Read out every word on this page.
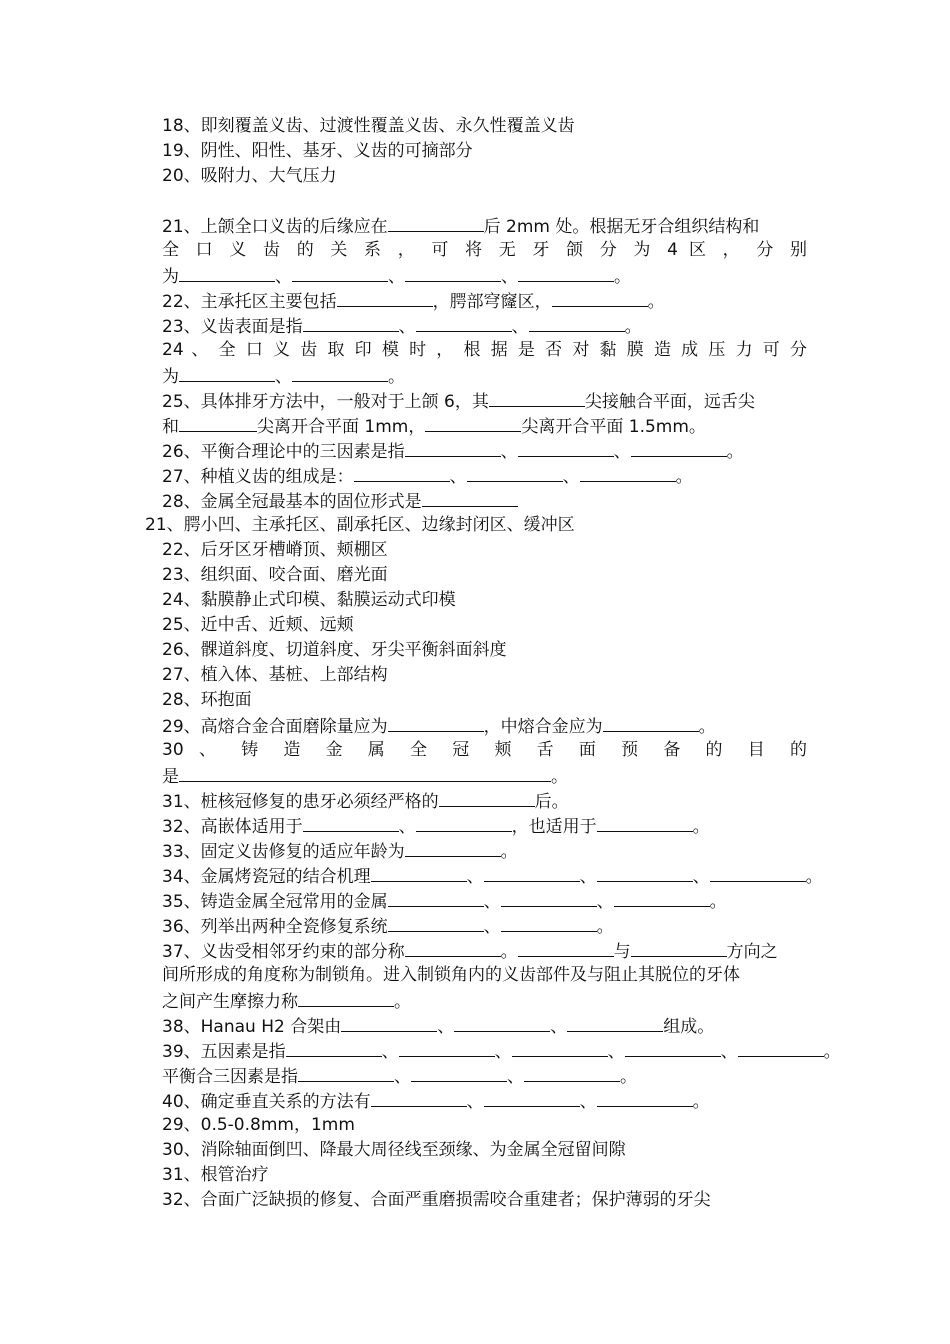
18、即刻覆盖义齿、过渡性覆盖义齿、永久性覆盖义齿
19、阴性、阳性、基牙、义齿的可摘部分
20、吸附力、大气压力
21、上颌全口义齿的后缘应在	后 2mm 处。根据无牙合组织结构和
全 口 义 齿 的 关 系 ， 可 将 无 牙 颌 分 为 4 区 ， 分 别
为	、	、	、	。
22、主承托区主要包括	，腭部穹窿区，	。
23、义齿表面是指	、	、	。
24 、 全 口 义 齿 取 印 模 时 ， 根 据 是 否 对 黏 膜 造 成 压 力 可 分
为	、	。
25、具体排牙方法中，一般对于上颌 6，其	尖接触合平面，远舌尖
和	尖离开合平面 1mm，	尖离开合平面 1.5mm。
26、平衡合理论中的三因素是指	、	、	。
27、种植义齿的组成是：	、	、	。
28、金属全冠最基本的固位形式是
21、腭小凹、主承托区、副承托区、边缘封闭区、缓冲区
22、后牙区牙槽嵴顶、颊棚区
23、组织面、咬合面、磨光面
24、黏膜静止式印模、黏膜运动式印模
25、近中舌、近颊、远颊
26、髁道斜度、切道斜度、牙尖平衡斜面斜度
27、植入体、基桩、上部结构
28、环抱面
29、高熔合金合面磨除量应为	，中熔合金应为	。
30 、 铸 造 金 属 全 冠 颊 舌 面 预 备 的 目 的
是	。
31、桩核冠修复的患牙必须经严格的	后。
32、高嵌体适用于	、	，也适用于	。
33、固定义齿修复的适应年龄为	。
34、金属烤瓷冠的结合机理	、	、	、	。
35、铸造金属全冠常用的金属	、	、	。
36、列举出两种全瓷修复系统	、	。
37、义齿受相邻牙约束的部分称	。	与	方向之
间所形成的角度称为制锁角。进入制锁角内的义齿部件及与阻止其脱位的牙体
之间产生摩擦力称	。
38、Hanau H2 合架由	、	、	组成。
39、五因素是指	、	、	、	、	。
平衡合三因素是指	、	、	。
40、确定垂直关系的方法有	、	、	。
29、0.5-0.8mm，1mm
30、消除轴面倒凹、降最大周径线至颈缘、为金属全冠留间隙
31、根管治疗
32、合面广泛缺损的修复、合面严重磨损需咬合重建者；保护薄弱的牙尖
